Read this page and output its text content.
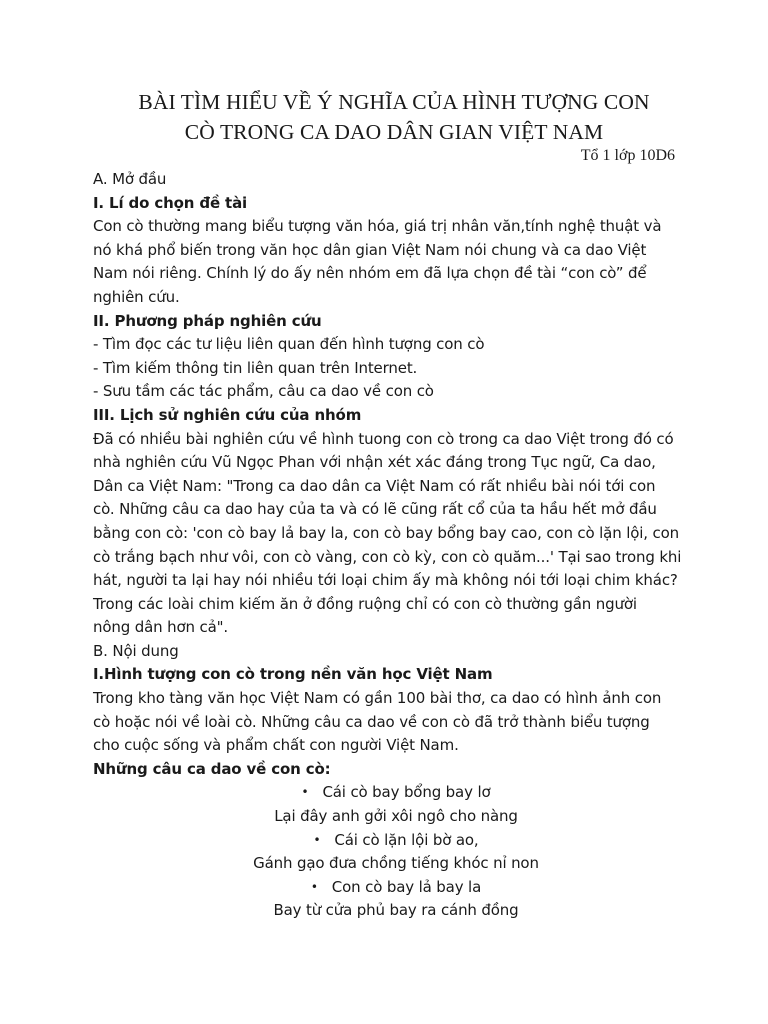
BÀI TÌM HIỂU VỀ Ý NGHĨA CỦA HÌNH TƯỢNG CON
CÒ TRONG CA DAO DÂN GIAN VIỆT NAM
Tổ 1 lớp 10D6
A. Mở đầu
I. Lí do chọn đề tài
Con cò thường mang biểu tượng văn hóa, giá trị nhân văn,tính nghệ thuật và
nó khá phổ biến trong văn học dân gian Việt Nam nói chung và ca dao Việt
Nam nói riêng. Chính lý do ấy nên nhóm em đã lựa chọn đề tài “con cò” để
nghiên cứu.
II. Phương pháp nghiên cứu
- Tìm đọc các tư liệu liên quan đến hình tượng con cò
- Tìm kiếm thông tin liên quan trên Internet.
- Sưu tầm các tác phẩm, câu ca dao về con cò
III. Lịch sử nghiên cứu của nhóm
Đã có nhiều bài nghiên cứu về hình tuong con cò trong ca dao Việt trong đó có
nhà nghiên cứu Vũ Ngọc Phan với nhận xét xác đáng trong Tục ngữ, Ca dao,
Dân ca Việt Nam: "Trong ca dao dân ca Việt Nam có rất nhiều bài nói tới con
cò. Những câu ca dao hay của ta và có lẽ cũng rất cổ của ta hầu hết mở đầu
bằng con cò: 'con cò bay lả bay la, con cò bay bổng bay cao, con cò lặn lội, con
cò trắng bạch như vôi, con cò vàng, con cò kỳ, con cò quăm...' Tại sao trong khi
hát, người ta lại hay nói nhiều tới loại chim ấy mà không nói tới loại chim khác?
Trong các loài chim kiếm ăn ở đồng ruộng chỉ có con cò thường gần người
nông dân hơn cả".
B. Nội dung
I.Hình tượng con cò trong nền văn học Việt Nam
Trong kho tàng văn học Việt Nam có gần 100 bài thơ, ca dao có hình ảnh con
cò hoặc nói về loài cò. Những câu ca dao về con cò đã trở thành biểu tượng
cho cuộc sống và phẩm chất con người Việt Nam.
Những câu ca dao về con cò:
• Cái cò bay bổng bay lơ
Lại đây anh gởi xôi ngô cho nàng
• Cái cò lặn lội bờ ao,
Gánh gạo đưa chồng tiếng khóc nỉ non
• Con cò bay lả bay la
Bay từ cửa phủ bay ra cánh đồng
